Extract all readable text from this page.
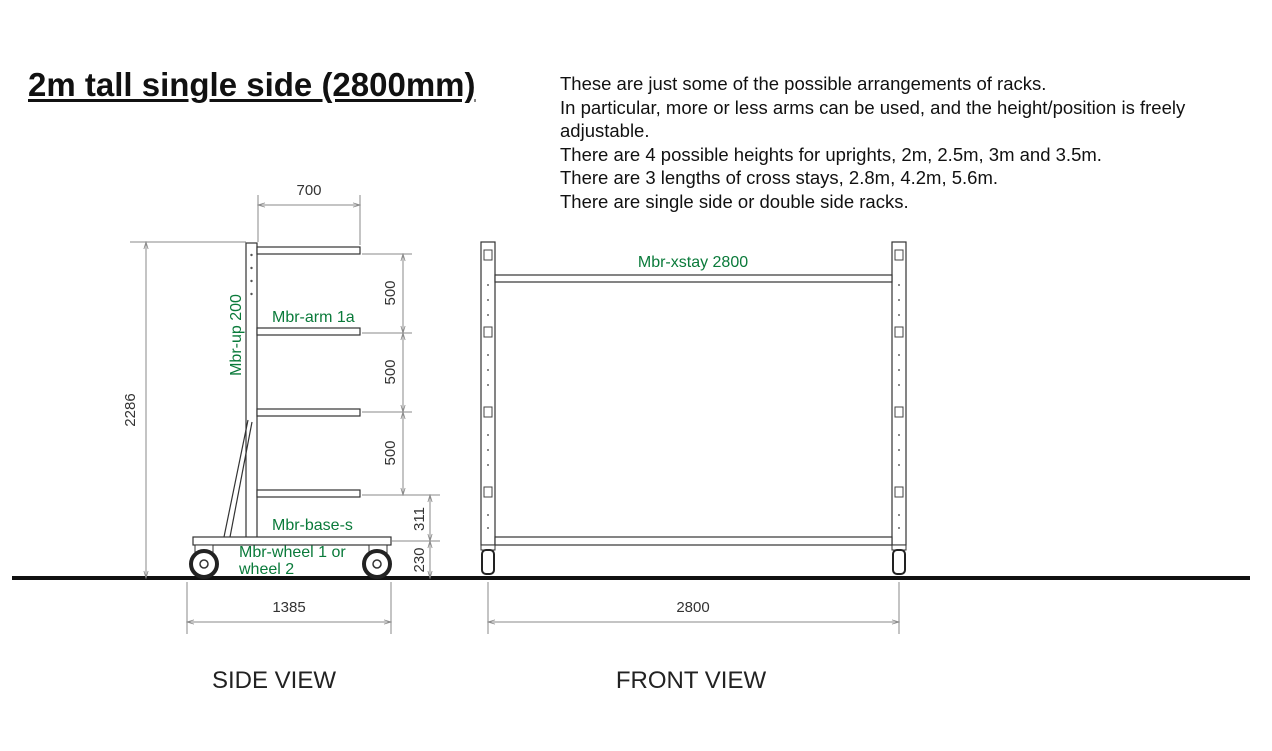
2m tall single side (2800mm)	These are just some of the possible arrangements of racks.
In particular, more or less arms can be used, and the height/position is freely adjustable.
There are 4 possible heights for uprights, 2m, 2.5m, 3m and 3.5m.
There are 3 lengths of cross stays, 2.8m, 4.2m, 5.6m.
There are single side or double side racks.
700
2286
500
500
500
311
230
1385
Mbr-up 200 Mbr-arm 1a
Mbr-base-s
Mbr-wheel 1 or
wheel 2
SIDE VIEW
2800
Mbr-xstay 2800
FRONT VIEW
